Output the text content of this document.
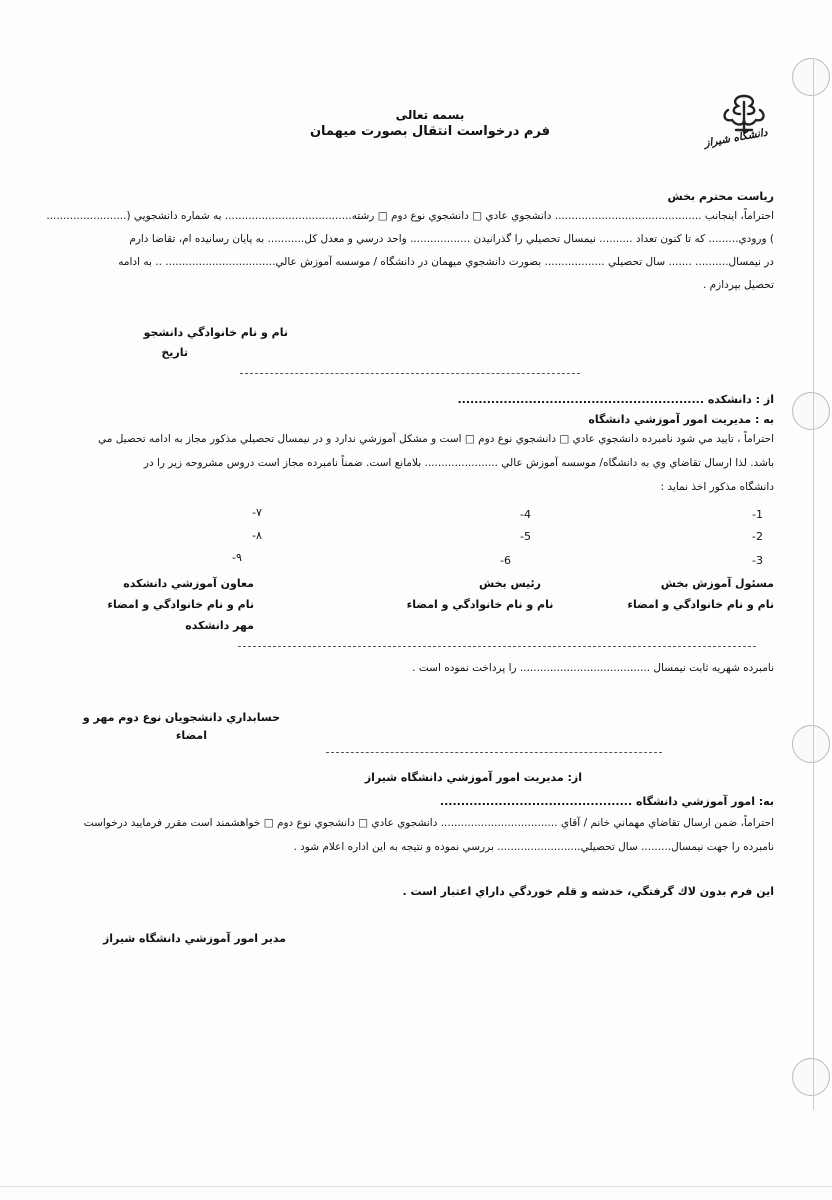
دانشگاه شیراز
بسمه تعالی
فرم درخواست انتقال بصورت میهمان
رياست محترم بخش
احتراماً، اينجانب ............................................ دانشجوي عادي □ دانشجوي نوع دوم □ رشته...................................... به شماره دانشجويي (........................
) ورودي......... كه تا كنون تعداد .......... نيمسال تحصيلي را گذرانيدن .................. واحد درسي و معدل كل........... به پايان رسانيده ام، تقاضا دارم
در نيمسال.......... ....... سال تحصيلي .................. بصورت دانشجوي ميهمان در دانشگاه / موسسه آموزش عالي................................. .. به ادامه
تحصيل بپردازم .
نام و نام خانوادگي دانشجو
تاريخ
از : دانشكده ...........................................................
به : مديريت امور آموزشي دانشگاه
احتراماً ، تاييد مي شود نامبرده دانشجوي عادي □ دانشجوي نوع دوم □ است و مشكل آموزشي ندارد و در نيمسال تحصيلي مذكور مجاز به ادامه تحصيل مي
باشد. لذا ارسال تقاضاي وي به دانشگاه/ موسسه آموزش عالي ...................... بلامانع است. ضمناً نامبرده مجاز است دروس مشروحه زير را در
دانشگاه مذكور اخذ نمايد :
-1
-2
-3
-4
-5
-6
-۷
-۸
-۹
مسئول آموزش بخش
نام و نام خانوادگي و امضاء
رئيس بخش
نام و نام خانوادگي و امضاء
معاون آموزشي دانشكده
نام و نام خانوادگي و امضاء
مهر دانشكده
نامبرده شهريه ثابت نيمسال ....................................... را پرداخت نموده است .
حسابداري دانشجويان نوع دوم مهر و
امضاء
از: مديريت امور آموزشي دانشگاه شيراز
به: امور آموزشي دانشگاه ..............................................
احتراماً، ضمن ارسال تقاضاي مهماني خانم / آقاي ................................... دانشجوي عادي □ دانشجوي نوع دوم □ خواهشمند است مقرر فرماييد درخواست
نامبرده را جهت نيمسال......... سال تحصيلي......................... بررسي نموده و نتيجه به اين اداره اعلام شود .
اين فرم بدون لاك گرفتگي، خدشه و قلم خوردگي داراي اعتبار است .
مدير امور آموزشي دانشگاه شيراز
